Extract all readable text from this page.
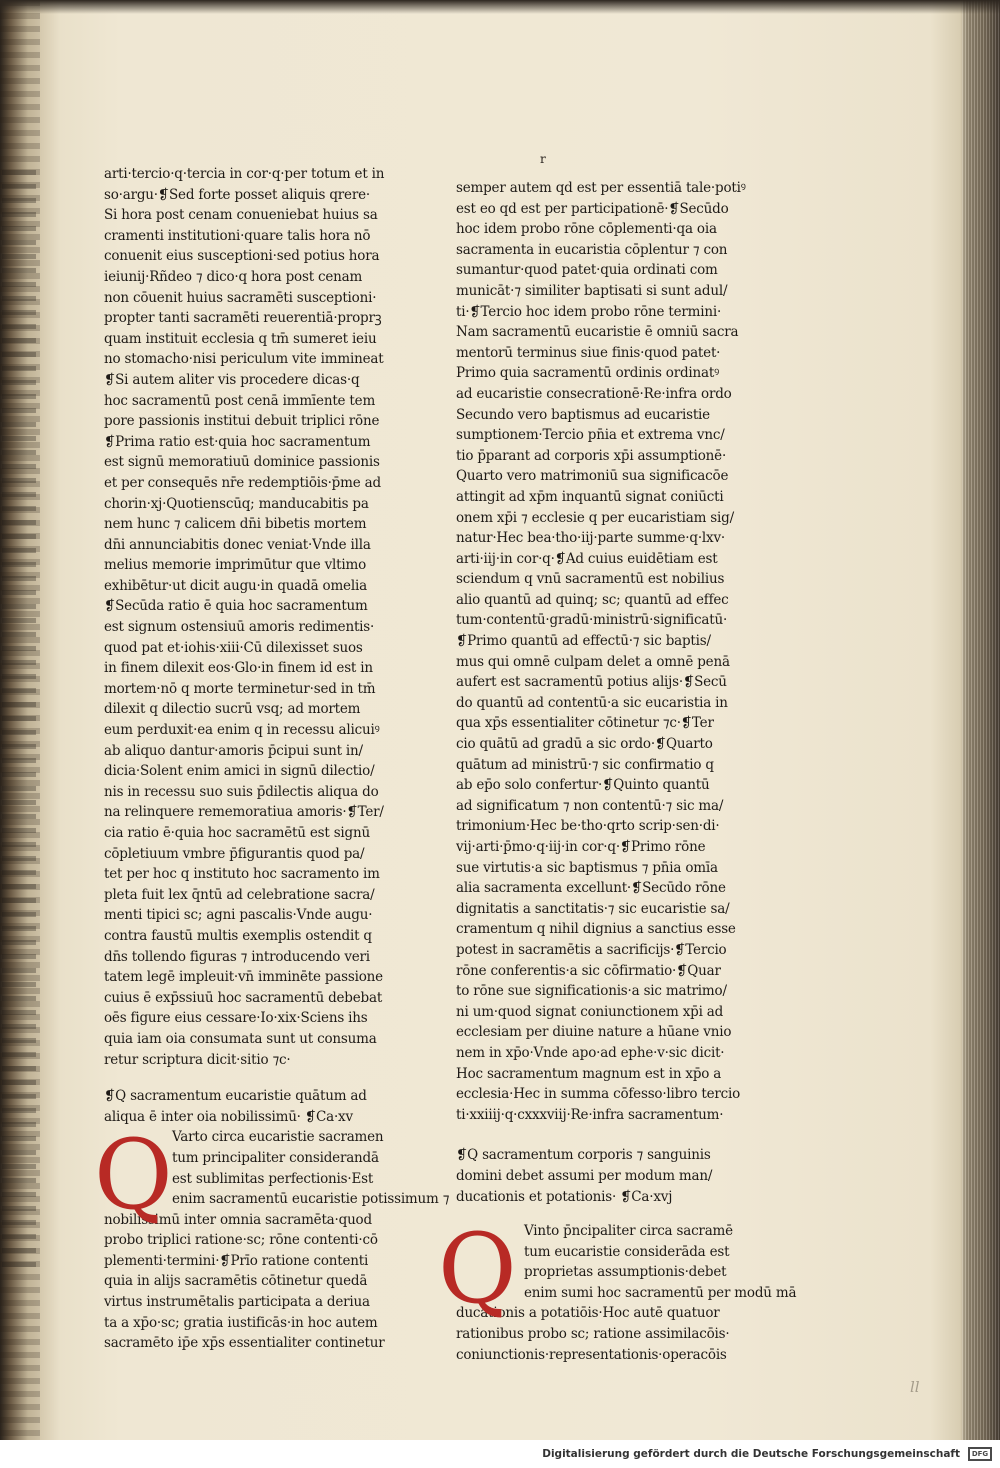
r
arti·tercio·q·tercia in cor·q·per totum et in
so·argu·❡Sed forte posset aliquis qrere·
Si hora post cenam conueniebat huius sa
cramenti institutioni·quare talis hora nō
conuenit eius susceptioni·sed potius hora
ieiunij·Rñdeo ⁊ dico·q hora post cenam
non cōuenit huius sacramēti susceptioni·
propter tanti sacramēti reuerentiā·proprꝫ
quam instituit ecclesia q tm̄ sumeret ieiu
no stomacho·nisi periculum vite immineat
❡Si autem aliter vis procedere dicas·q
hoc sacramentū post cenā immīente tem
pore passionis institui debuit triplici rōne
❡Prima ratio est·quia hoc sacramentum
est signū memoratiuū dominice passionis
et per consequēs nr̄e redemptiōis·p̄me ad
chorin·xj·Quotienscūq; manducabitis pa
nem hunc ⁊ calicem dn̄i bibetis mortem
dn̄i annunciabitis donec veniat·Vnde illa
melius memorie imprimūtur que vltimo
exhibētur·ut dicit augu·in quadā omelia
❡Secūda ratio ē quia hoc sacramentum
est signum ostensiuū amoris redimentis·
quod pat et·iohis·xiii·Cū dilexisset suos
in finem dilexit eos·Glo·in finem id est in
mortem·nō q morte terminetur·sed in tm̄
dilexit q dilectio sucrū vsq; ad mortem
eum perduxit·ea enim q in recessu alicuiꝰ
ab aliquo dantur·amoris p̄cipui sunt in/
dicia·Solent enim amici in signū dilectio/
nis in recessu suo suis p̄dilectis aliqua do
na relinquere rememoratiua amoris·❡Ter/
cia ratio ē·quia hoc sacramētū est signū
cōpletiuum vmbre p̄figurantis quod pa/
tet per hoc q instituto hoc sacramento im
pleta fuit lex q̄ntū ad celebratione sacra/
menti tipici sc; agni pascalis·Vnde augu·
contra faustū multis exemplis ostendit q
dn̄s tollendo figuras ⁊ introducendo veri
tatem legē impleuit·vn̄ imminēte passione
cuius ē exp̄ssiuū hoc sacramentū debebat
oēs figure eius cessare·Io·xix·Sciens ihs
quia iam oia consumata sunt ut consuma
retur scriptura dicit·sitio ⁊c·
❡Q sacramentum eucaristie quātum ad
aliqua ē inter oia nobilissimū· ❡Ca·xv
Q Varto circa eucaristie sacramen
tum principaliter considerandā
est sublimitas perfectionis·Est
enim sacramentū eucaristie potissimum ⁊
nobilissimū inter omnia sacramēta·quod
probo triplici ratione·sc; rōne contenti·cō
plementi·termini·❡Prīo ratione contenti
quia in alijs sacramētis cōtinetur quedā
virtus instrumētalis participata a deriua
ta a xp̄o·sc; gratia iustificās·in hoc autem
sacramēto ip̄e xp̄s essentialiter continetur
semper autem qd est per essentiā tale·potiꝰ
est eo qd est per participationē·❡Secūdo
hoc idem probo rōne cōplementi·qa oia
sacramenta in eucaristia cōplentur ⁊ con
sumantur·quod patet·quia ordinati com
municāt·⁊ similiter baptisati si sunt adul/
ti·❡Tercio hoc idem probo rōne termini·
Nam sacramentū eucaristie ē omniū sacra
mentorū terminus siue finis·quod patet·
Primo quia sacramentū ordinis ordinatꝰ
ad eucaristie consecrationē·Re·infra ordo
Secundo vero baptismus ad eucaristie
sumptionem·Tercio pn̄ia et extrema vnc/
tio p̄parant ad corporis xp̄i assumptionē·
Quarto vero matrimoniū sua significacōe
attingit ad xp̄m inquantū signat coniūcti
onem xp̄i ⁊ ecclesie q per eucaristiam sig/
natur·Hec bea·tho·iij·parte summe·q·lxv·
arti·iij·in cor·q·❡Ad cuius euidētiam est
sciendum q vnū sacramentū est nobilius
alio quantū ad quinq; sc; quantū ad effec
tum·contentū·gradū·ministrū·significatū·
❡Primo quantū ad effectū·⁊ sic baptis/
mus qui omnē culpam delet a omnē penā
aufert est sacramentū potius alijs·❡Secū
do quantū ad contentū·a sic eucaristia in
qua xp̄s essentialiter cōtinetur ⁊c·❡Ter
cio quātū ad gradū a sic ordo·❡Quarto
quātum ad ministrū·⁊ sic confirmatio q
ab ep̄o solo confertur·❡Quinto quantū
ad significatum ⁊ non contentū·⁊ sic ma/
trimonium·Hec be·tho·qrto scrip·sen·di·
vij·arti·p̄mo·q·iij·in cor·q·❡Primo rōne
sue virtutis·a sic baptismus ⁊ pn̄ia omīa
alia sacramenta excellunt·❡Secūdo rōne
dignitatis a sanctitatis·⁊ sic eucaristie sa/
cramentum q nihil dignius a sanctius esse
potest in sacramētis a sacrificijs·❡Tercio
rōne conferentis·a sic cōfirmatio·❡Quar
to rōne sue significationis·a sic matrimo/
ni um·quod signat coniunctionem xp̄i ad
ecclesiam per diuine nature a hūane vnio
nem in xp̄o·Vnde apo·ad ephe·v·sic dicit·
Hoc sacramentum magnum est in xp̄o a
ecclesia·Hec in summa cōfesso·libro tercio
ti·xxiiij·q·cxxxviij·Re·infra sacramentum·
❡Q sacramentum corporis ⁊ sanguinis
domini debet assumi per modum man/
ducationis et potationis· ❡Ca·xvj
Q Vinto p̄ncipaliter circa sacramē
tum eucaristie considerāda est
proprietas assumptionis·debet
enim sumi hoc sacramentū per modū mā
ducationis a potatiōis·Hoc autē quatuor
rationibus probo sc; ratione assimilacōis·
coniunctionis·representationis·operacōis
ll
Digitalisierung gefördert durch die Deutsche Forschungsgemeinschaft	DFG
